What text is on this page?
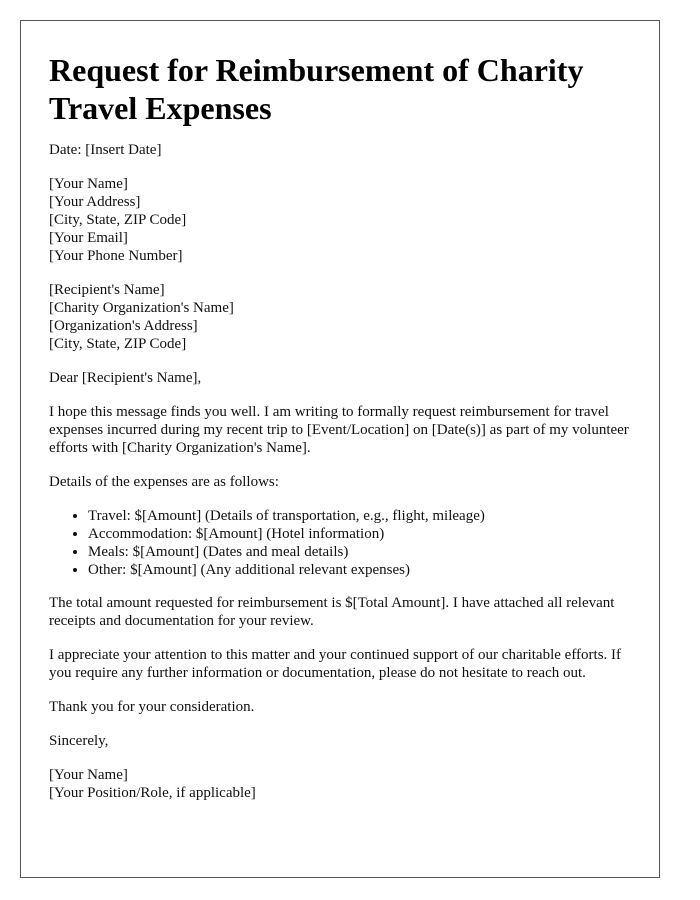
Request for Reimbursement of Charity Travel Expenses

Date: [Insert Date]

[Your Name]
[Your Address]
[City, State, ZIP Code]
[Your Email]
[Your Phone Number]
[Recipient's Name]
[Charity Organization's Name]
[Organization's Address]
[City, State, ZIP Code]

Dear [Recipient's Name],

I hope this message finds you well. I am writing to formally request reimbursement for travel expenses incurred during my recent trip to [Event/Location] on [Date(s)] as part of my volunteer efforts with [Charity Organization's Name].

Details of the expenses are as follows:

• Travel: $[Amount] (Details of transportation, e.g., flight, mileage)
• Accommodation: $[Amount] (Hotel information)
• Meals: $[Amount] (Dates and meal details)
• Other: $[Amount] (Any additional relevant expenses)

The total amount requested for reimbursement is $[Total Amount]. I have attached all relevant receipts and documentation for your review.

I appreciate your attention to this matter and your continued support of our charitable efforts. If you require any further information or documentation, please do not hesitate to reach out.

Thank you for your consideration.

Sincerely,

[Your Name]
[Your Position/Role, if applicable]
